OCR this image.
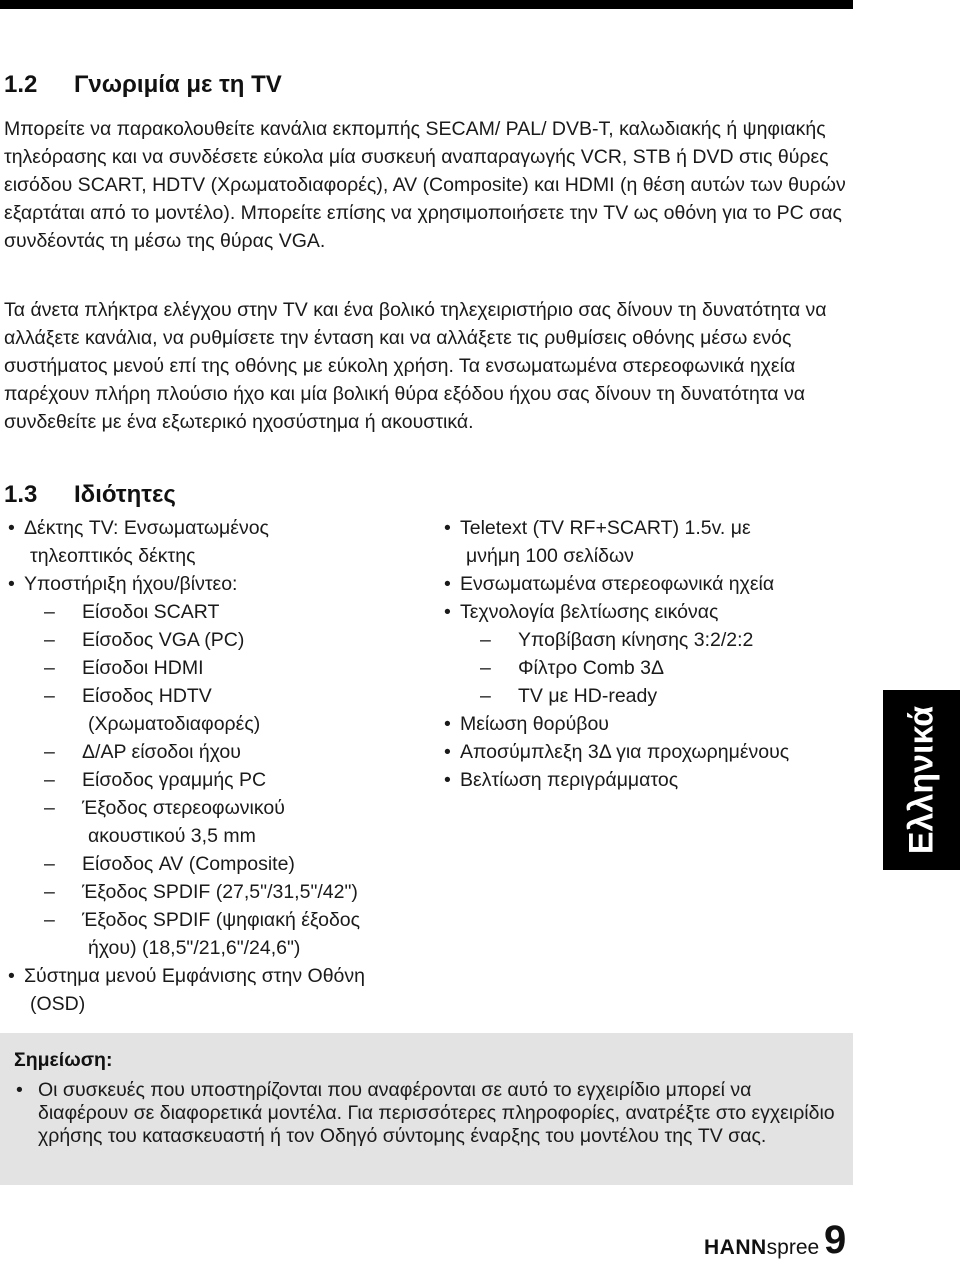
1.2 Γνωριμία με τη TV

Μπορείτε να παρακολουθείτε κανάλια εκπομπής SECAM/ PAL/ DVB-T, καλωδιακής ή ψηφιακής τηλεόρασης και να συνδέσετε εύκολα μία συσκευή αναπαραγωγής VCR, STB ή DVD στις θύρες εισόδου SCART, HDTV (Χρωματοδιαφορές), AV (Composite) και HDMI (η θέση αυτών των θυρών εξαρτάται από το μοντέλο). Μπορείτε επίσης να χρησιμοποιήσετε την TV ως οθόνη για το PC σας συνδέοντάς τη μέσω της θύρας VGA.

Τα άνετα πλήκτρα ελέγχου στην TV και ένα βολικό τηλεχειριστήριο σας δίνουν τη δυνατότητα να αλλάξετε κανάλια, να ρυθμίσετε την ένταση και να αλλάξετε τις ρυθμίσεις οθόνης μέσω ενός συστήματος μενού επί της οθόνης με εύκολη χρήση. Τα ενσωματωμένα στερεοφωνικά ηχεία παρέχουν πλήρη πλούσιο ήχο και μία βολική θύρα εξόδου ήχου σας δίνουν τη δυνατότητα να συνδεθείτε με ένα εξωτερικό ηχοσύστημα ή ακουστικά.

1.3 Ιδιότητες
• Δέκτης TV: Ενσωματωμένος
τηλεοπτικός δέκτης
• Υποστήριξη ήχου/βίντεο:
– Είσοδοι SCART
– Είσοδος VGA (PC)
– Είσοδοι HDMI
– Είσοδος HDTV
(Χρωματοδιαφορές)
– Δ/ΑΡ είσοδοι ήχου
– Είσοδος γραμμής PC
– Έξοδος στερεοφωνικού
ακουστικού 3,5 mm
– Είσοδος AV (Composite)
– Έξοδος SPDIF (27,5"/31,5"/42")
– Έξοδος SPDIF (ψηφιακή έξοδος
ήχου) (18,5"/21,6"/24,6")
• Σύστημα μενού Εμφάνισης στην Οθόνη
(OSD)
• Teletext (TV RF+SCART) 1.5v. με
μνήμη 100 σελίδων
• Ενσωματωμένα στερεοφωνικά ηχεία
• Τεχνολογία βελτίωσης εικόνας
– Υποβίβαση κίνησης 3:2/2:2
– Φίλτρο Comb 3Δ
– TV με HD-ready
• Μείωση θορύβου
• Αποσύμπλεξη 3Δ για προχωρημένους
• Βελτίωση περιγράμματος	Ελληνικά

Σημείωση:

• Οι συσκευές που υποστηρίζονται που αναφέρονται σε αυτό το εγχειρίδιο μπορεί να διαφέρουν σε διαφορετικά μοντέλα. Για περισσότερες πληροφορίες, ανατρέξτε στο εγχειρίδιο χρήσης του κατασκευαστή ή τον Οδηγό σύντομης έναρξης του μοντέλου της TV σας.
HANNspree 9
